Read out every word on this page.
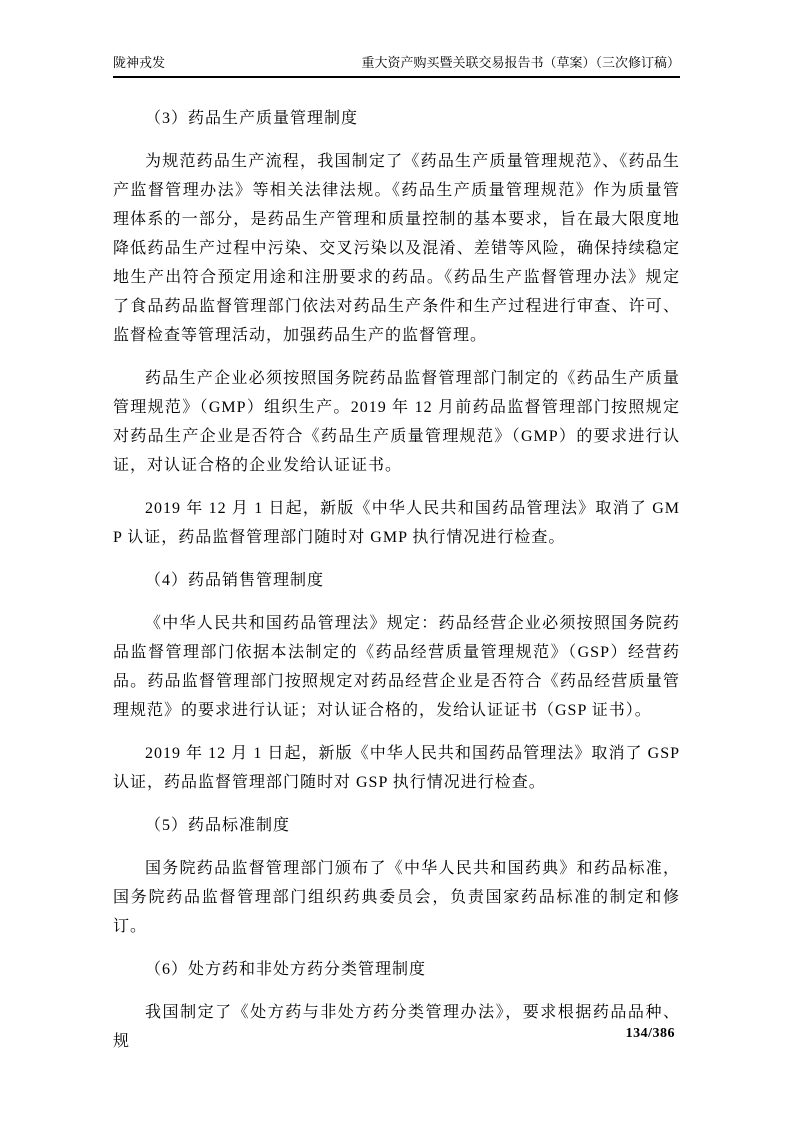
陇神戎发	重大资产购买暨关联交易报告书（草案）（三次修订稿）

（3）药品生产质量管理制度

为规范药品生产流程，我国制定了《药品生产质量管理规范》、《药品生产监督管理办法》等相关法律法规。《药品生产质量管理规范》作为质量管理体系的一部分，是药品生产管理和质量控制的基本要求，旨在最大限度地降低药品生产过程中污染、交叉污染以及混淆、差错等风险，确保持续稳定地生产出符合预定用途和注册要求的药品。《药品生产监督管理办法》规定了食品药品监督管理部门依法对药品生产条件和生产过程进行审查、许可、监督检查等管理活动，加强药品生产的监督管理。

药品生产企业必须按照国务院药品监督管理部门制定的《药品生产质量管理规范》（GMP）组织生产。2019 年 12 月前药品监督管理部门按照规定对药品生产企业是否符合《药品生产质量管理规范》（GMP）的要求进行认证，对认证合格的企业发给认证证书。

2019 年 12 月 1 日起，新版《中华人民共和国药品管理法》取消了 GMP 认证，药品监督管理部门随时对 GMP 执行情况进行检查。

（4）药品销售管理制度

《中华人民共和国药品管理法》规定：药品经营企业必须按照国务院药品监督管理部门依据本法制定的《药品经营质量管理规范》（GSP）经营药品。药品监督管理部门按照规定对药品经营企业是否符合《药品经营质量管理规范》的要求进行认证；对认证合格的，发给认证证书（GSP 证书）。

2019 年 12 月 1 日起，新版《中华人民共和国药品管理法》取消了 GSP 认证，药品监督管理部门随时对 GSP 执行情况进行检查。

（5）药品标准制度

国务院药品监督管理部门颁布了《中华人民共和国药典》和药品标准，国务院药品监督管理部门组织药典委员会，负责国家药品标准的制定和修订。

（6）处方药和非处方药分类管理制度

我国制定了《处方药与非处方药分类管理办法》，要求根据药品品种、规	134/386
